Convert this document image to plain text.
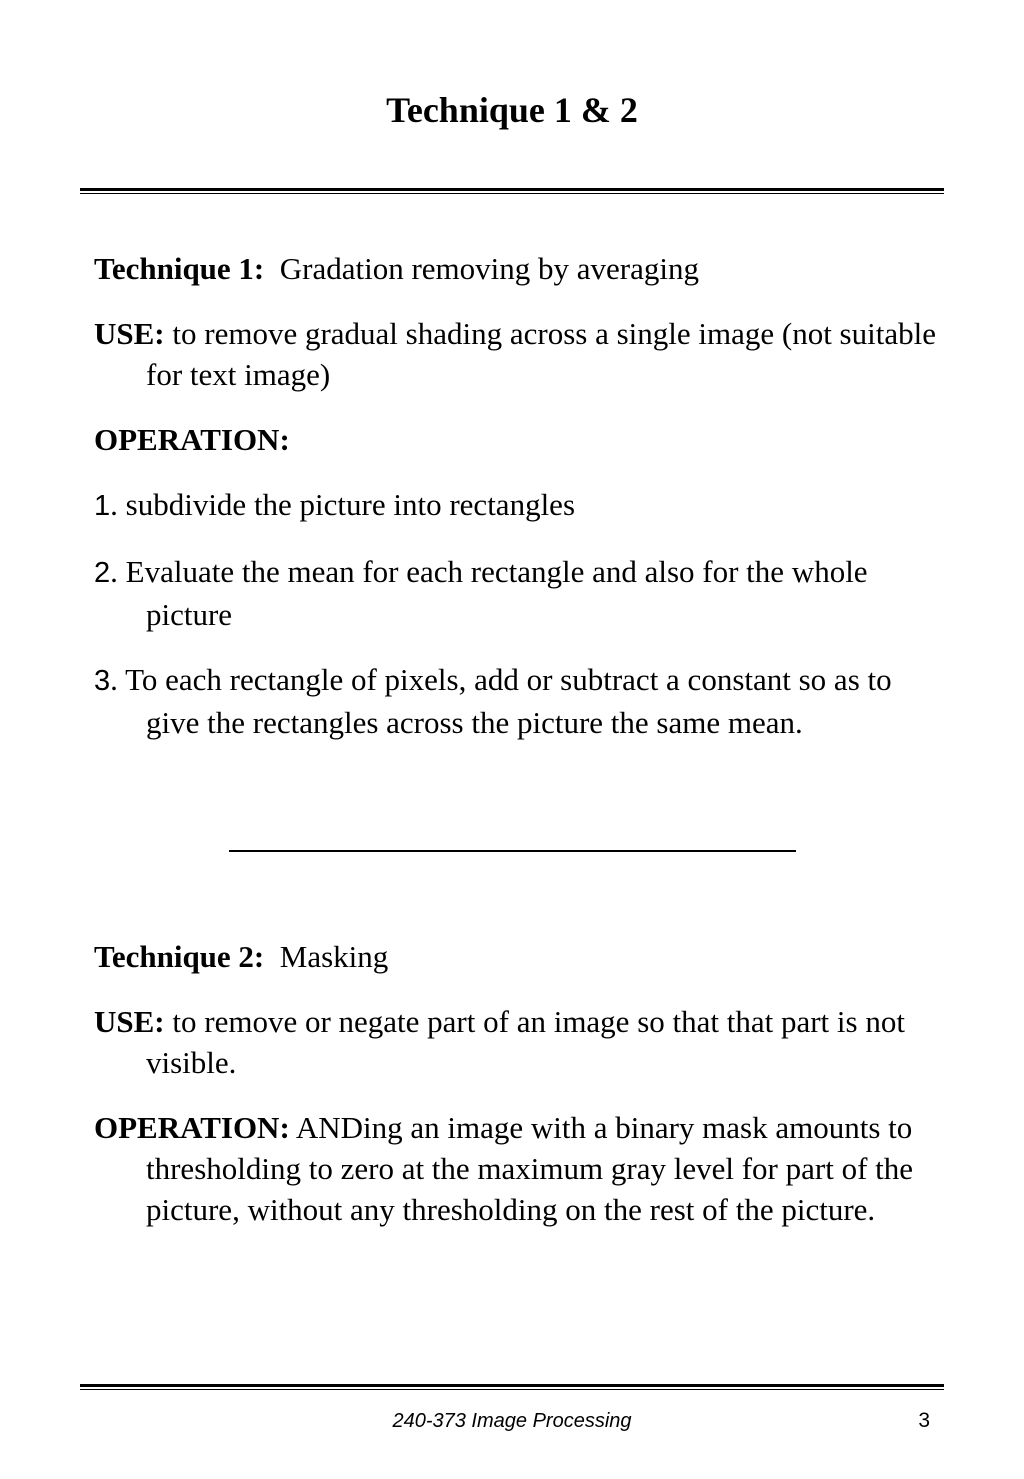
Technique 1 & 2

Technique 1: Gradation removing by averaging

USE: to remove gradual shading across a single image (not suitable for text image)

OPERATION:

1. subdivide the picture into rectangles

2. Evaluate the mean for each rectangle and also for the whole picture

3. To each rectangle of pixels, add or subtract a constant so as to give the rectangles across the picture the same mean.

Technique 2: Masking

USE: to remove or negate part of an image so that that part is not visible.

OPERATION: ANDing an image with a binary mask amounts to thresholding to zero at the maximum gray level for part of the picture, without any thresholding on the rest of the picture.

240-373 Image Processing	3
